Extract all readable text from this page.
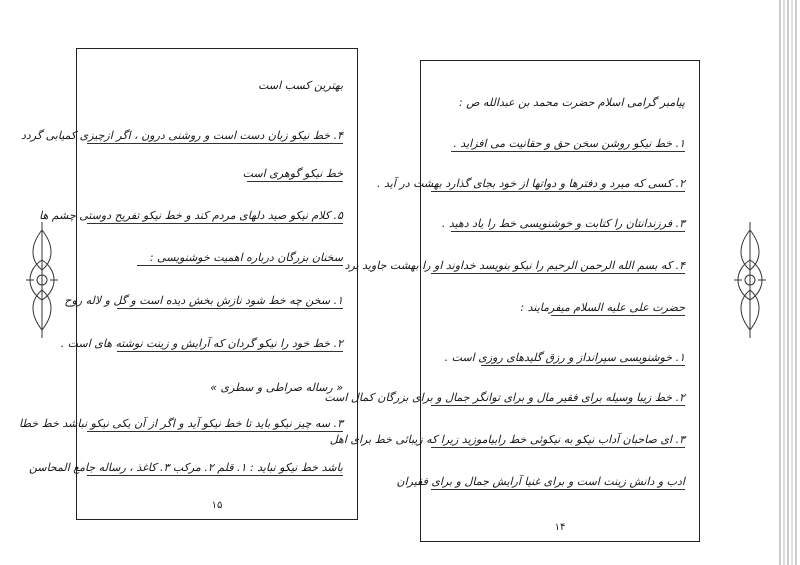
بهترین کسب است
۴. خط نیکو زبان دست است و روشنی درون ، اگر ازچیزی کمیابی گردد
خط نیکو گوهری است
۵. کلام نیکو صید دلهای مردم کند و خط نیکو تفریح دوستی چشم ها
سخنان بزرگان درباره اهمیت خوشنویسی :
۱. سخن چه خط شود نازش بخش دیده است و گل و لاله روح
۲. خط خود را نیکو گردان که آرایش و زینت نوشته های است .
« رساله صراطی و سطری »
۳. سه چیز نیکو باید تا خط نیکو آید و اگر از آن یکی نیکو نباشد خط خطا
باشد خط نیکو نباید : ۱. قلم ۲. مرکب ۳. کاغذ ، رساله جامع المحاسن
۱۵
پیامبر گرامی اسلام حضرت محمد بن عبدالله ص :
۱. خط نیکو روشن سخن حق و حقانیت می افزاید .
۲. کسی که میرد و دفترها و دواتها از خود بجای گذارد بهشت در آید .
۳. فرزندانتان را کتابت و خوشنویسی خط را یاد دهید .
۴. که بسم الله الرحمن الرحیم را نیکو بنویسد خداوند او را بهشت جاوید برد
حضرت علی علیه السلام میفرمایند :
۱. خوشنویسی سپرانداز و رزق گلیدهای روزی است .
۲. خط زیبا وسیله برای فقیر مال و برای توانگر جمال و برای بزرگان کمال است
۳. ای صاحبان آداب نیکو به نیکوئی خط رابیاموزید زیرا که زیبائی خط برای اهل
ادب و دانش زینت است و برای غنیا آرایش جمال و برای فقیران
۱۴
